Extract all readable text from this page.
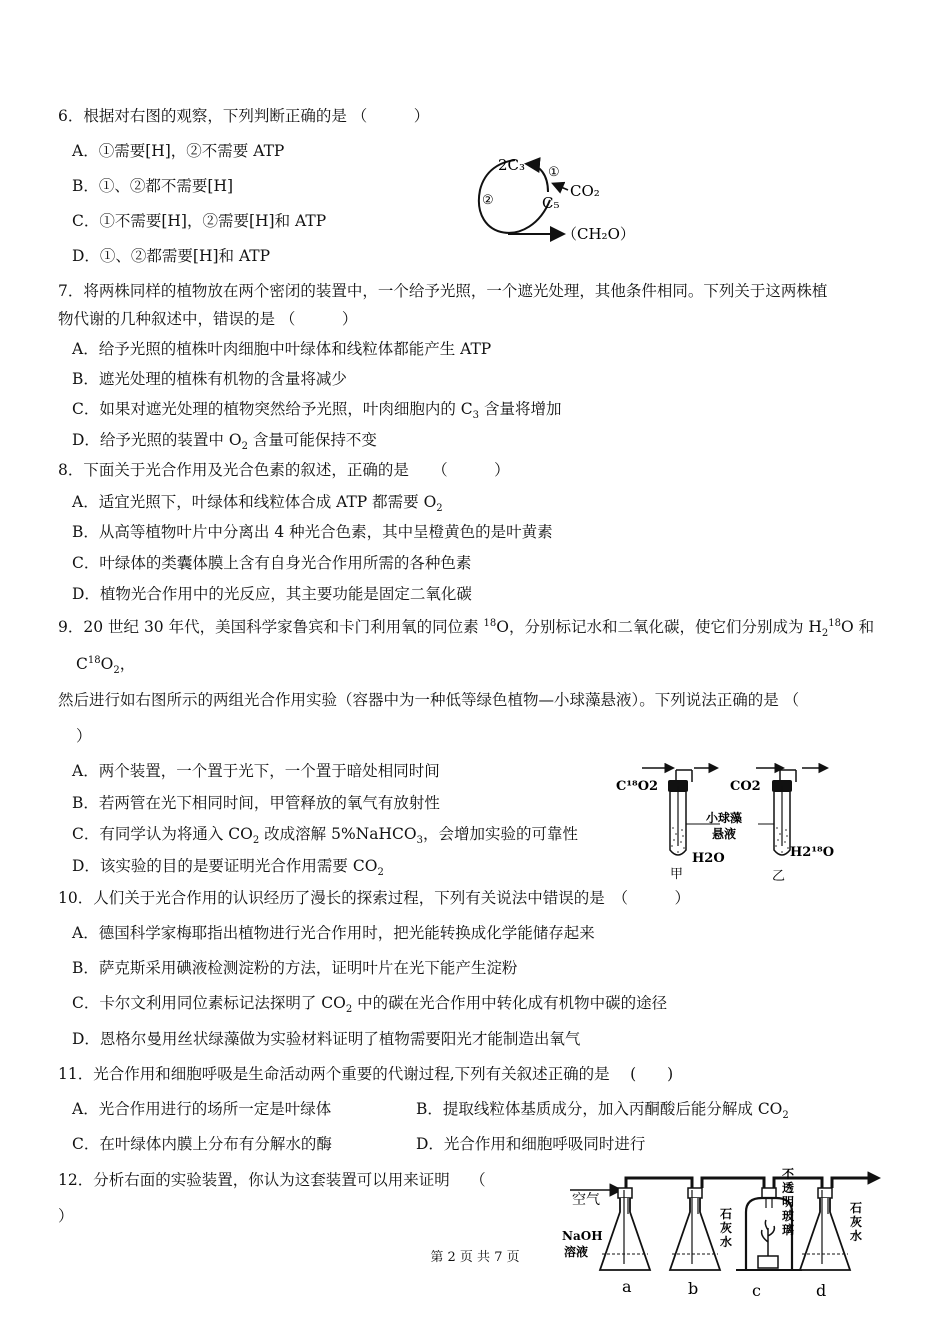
6．根据对右图的观察，下列判断正确的是 （　　　）
A．①需要[H]，②不需要 ATP
B．①、②都不需要[H]
C．①不需要[H]，②需要[H]和 ATP
D．①、②都需要[H]和 ATP
2C₃
C₅
CO₂
（CH₂O）
①
②
7．将两株同样的植物放在两个密闭的装置中，一个给予光照，一个遮光处理，其他条件相同。下列关于这两株植
物代谢的几种叙述中，错误的是 （　　　）
A．给予光照的植株叶肉细胞中叶绿体和线粒体都能产生 ATP
B．遮光处理的植株有机物的含量将减少
C．如果对遮光处理的植物突然给予光照，叶肉细胞内的 $C_3$ 含量将增加
D．给予光照的装置中 $O_2$ 含量可能保持不变
8．下面关于光合作用及光合色素的叙述，正确的是　　（　　　）
A．适宜光照下，叶绿体和线粒体合成 ATP 都需要 $O_2$
B．从高等植物叶片中分离出 4 种光合色素，其中呈橙黄色的是叶黄素
C．叶绿体的类囊体膜上含有自身光合作用所需的各种色素
D．植物光合作用中的光反应，其主要功能是固定二氧化碳
9．20 世纪 30 年代，美国科学家鲁宾和卡门利用氧的同位素 $^{18}$O，分别标记水和二氧化碳，使它们分别成为 $H_2^{18}O$ 和
$C^{18}O_2$，
然后进行如右图所示的两组光合作用实验（容器中为一种低等绿色植物—小球藻悬液）。下列说法正确的是 （
）
A．两个装置，一个置于光下，一个置于暗处相同时间
B．若两管在光下相同时间，甲管释放的氧气有放射性
C．有同学认为将通入 $CO_2$ 改成溶解 5%NaHCO$_3$，会增加实验的可靠性
D．该实验的目的是要证明光合作用需要 $CO_2$
C¹⁸O2	CO2
小球藻
悬液
H2O	H2¹⁸O
甲	乙
10．人们关于光合作用的认识经历了漫长的探索过程，下列有关说法中错误的是　（　　　）
A．德国科学家梅耶指出植物进行光合作用时，把光能转换成化学能储存起来
B．萨克斯采用碘液检测淀粉的方法，证明叶片在光下能产生淀粉
C．卡尔文利用同位素标记法探明了 $CO_2$ 中的碳在光合作用中转化成有机物中碳的途径
D．恩格尔曼用丝状绿藻做为实验材料证明了植物需要阳光才能制造出氧气
11．光合作用和细胞呼吸是生命活动两个重要的代谢过程,下列有关叙述正确的是　 (　　)
A．光合作用进行的场所一定是叶绿体	B．提取线粒体基质成分，加入丙酮酸后能分解成 $CO_2$
C．在叶绿体内膜上分布有分解水的酶	D．光合作用和细胞呼吸同时进行
12．分析右面的实验装置，你认为这套装置可以用来证明　 （
）
空气
NaOH
溶液
石
灰
水
不
透
明
玻
璃
石
灰
水
a	b	c	d
第 2 页 共 7 页
